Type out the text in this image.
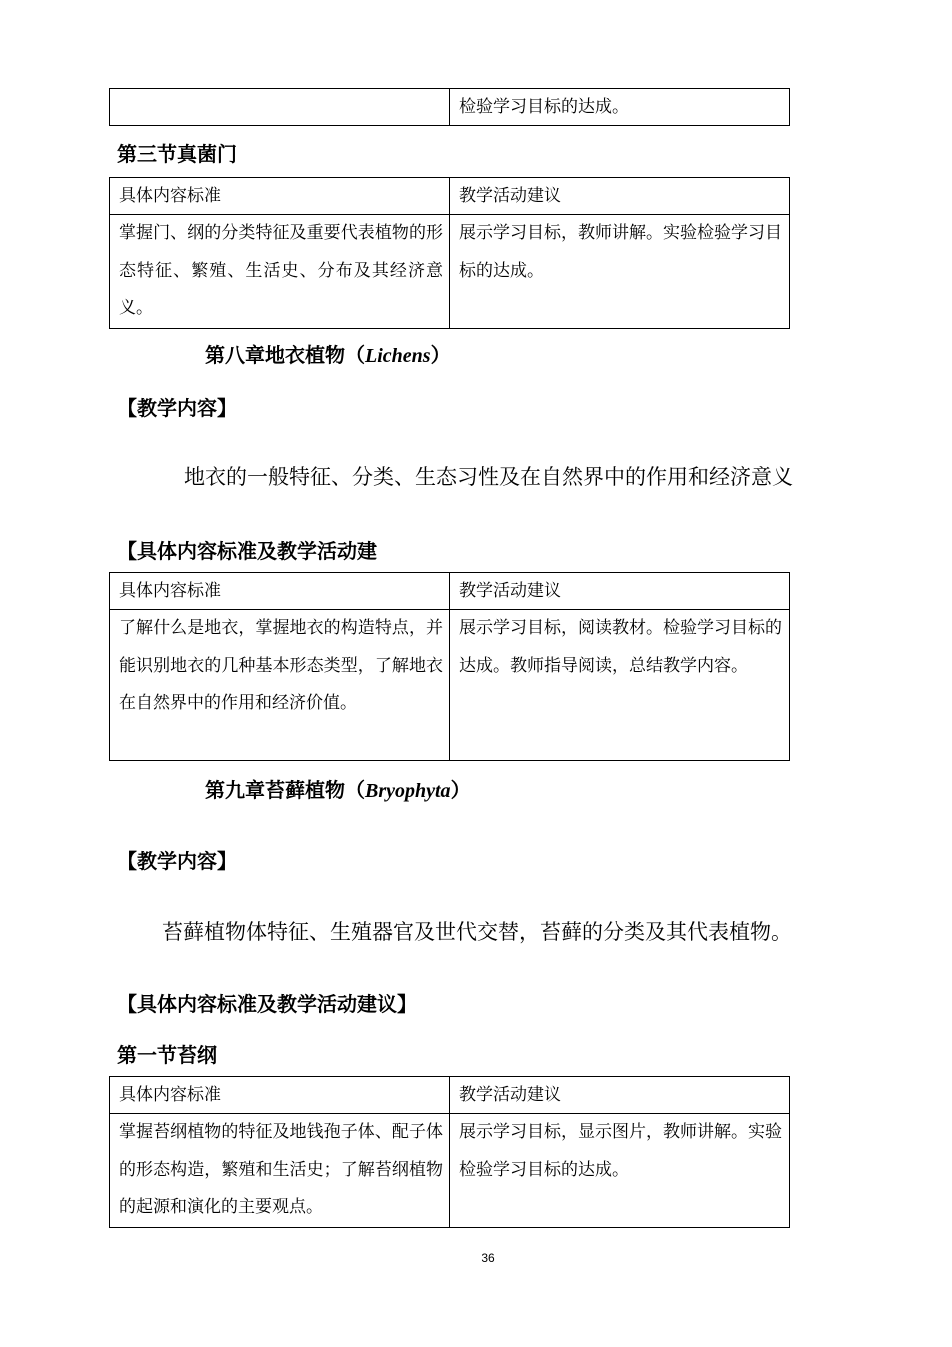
	检验学习目标的达成。
第三节真菌门
具体内容标准	教学活动建议
掌握门、纲的分类特征及重要代表植物的形态特征、繁殖、生活史、分布及其经济意义。	展示学习目标，教师讲解。实验检验学习目标的达成。
第八章地衣植物（Lichens）
【教学内容】
地衣的一般特征、分类、生态习性及在自然界中的作用和经济意义
【具体内容标准及教学活动建
具体内容标准	教学活动建议
了解什么是地衣，掌握地衣的构造特点，并能识别地衣的几种基本形态类型，了解地衣在自然界中的作用和经济价值。	展示学习目标，阅读教材。检验学习目标的达成。教师指导阅读，总结教学内容。
第九章苔藓植物（Bryophyta）
【教学内容】
苔藓植物体特征、生殖器官及世代交替，苔藓的分类及其代表植物。
【具体内容标准及教学活动建议】
第一节苔纲
具体内容标准	教学活动建议
掌握苔纲植物的特征及地钱孢子体、配子体的形态构造，繁殖和生活史；了解苔纲植物的起源和演化的主要观点。	展示学习目标，显示图片，教师讲解。实验检验学习目标的达成。
36
